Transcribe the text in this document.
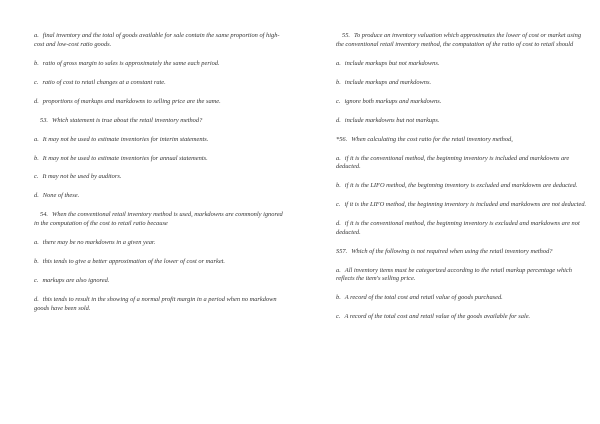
a. final inventory and the total of goods available for sale contain the same proportion of high-cost and low-cost ratio goods.

b. ratio of gross margin to sales is approximately the same each period.

c. ratio of cost to retail changes at a constant rate.

d. proportions of markups and markdowns to selling price are the same.

53. Which statement is true about the retail inventory method?

a. It may not be used to estimate inventories for interim statements.

b. It may not be used to estimate inventories for annual statements.

c. It may not be used by auditors.

d. None of these.

54. When the conventional retail inventory method is used, markdowns are commonly ignored in the computation of the cost to retail ratio because

a. there may be no markdowns in a given year.

b. this tends to give a better approximation of the lower of cost or market.

c. markups are also ignored.

d. this tends to result in the showing of a normal profit margin in a period when no markdown goods have been sold.

55. To produce an inventory valuation which approximates the lower of cost or market using the conventional retail inventory method, the computation of the ratio of cost to retail should

a. include markups but not markdowns.

b. include markups and markdowns.

c. ignore both markups and markdowns.

d. include markdowns but not markups.

*56. When calculating the cost ratio for the retail inventory method,

a. if it is the conventional method, the beginning inventory is included and markdowns are deducted.

b. if it is the LIFO method, the beginning inventory is excluded and markdowns are deducted.

c. if it is the LIFO method, the beginning inventory is included and markdowns are not deducted.

d. if it is the conventional method, the beginning inventory is excluded and markdowns are not deducted.

S57. Which of the following is not required when using the retail inventory method?

a. All inventory items must be categorized according to the retail markup percentage which reflects the item's selling price.

b. A record of the total cost and retail value of goods purchased.

c. A record of the total cost and retail value of the goods available for sale.
